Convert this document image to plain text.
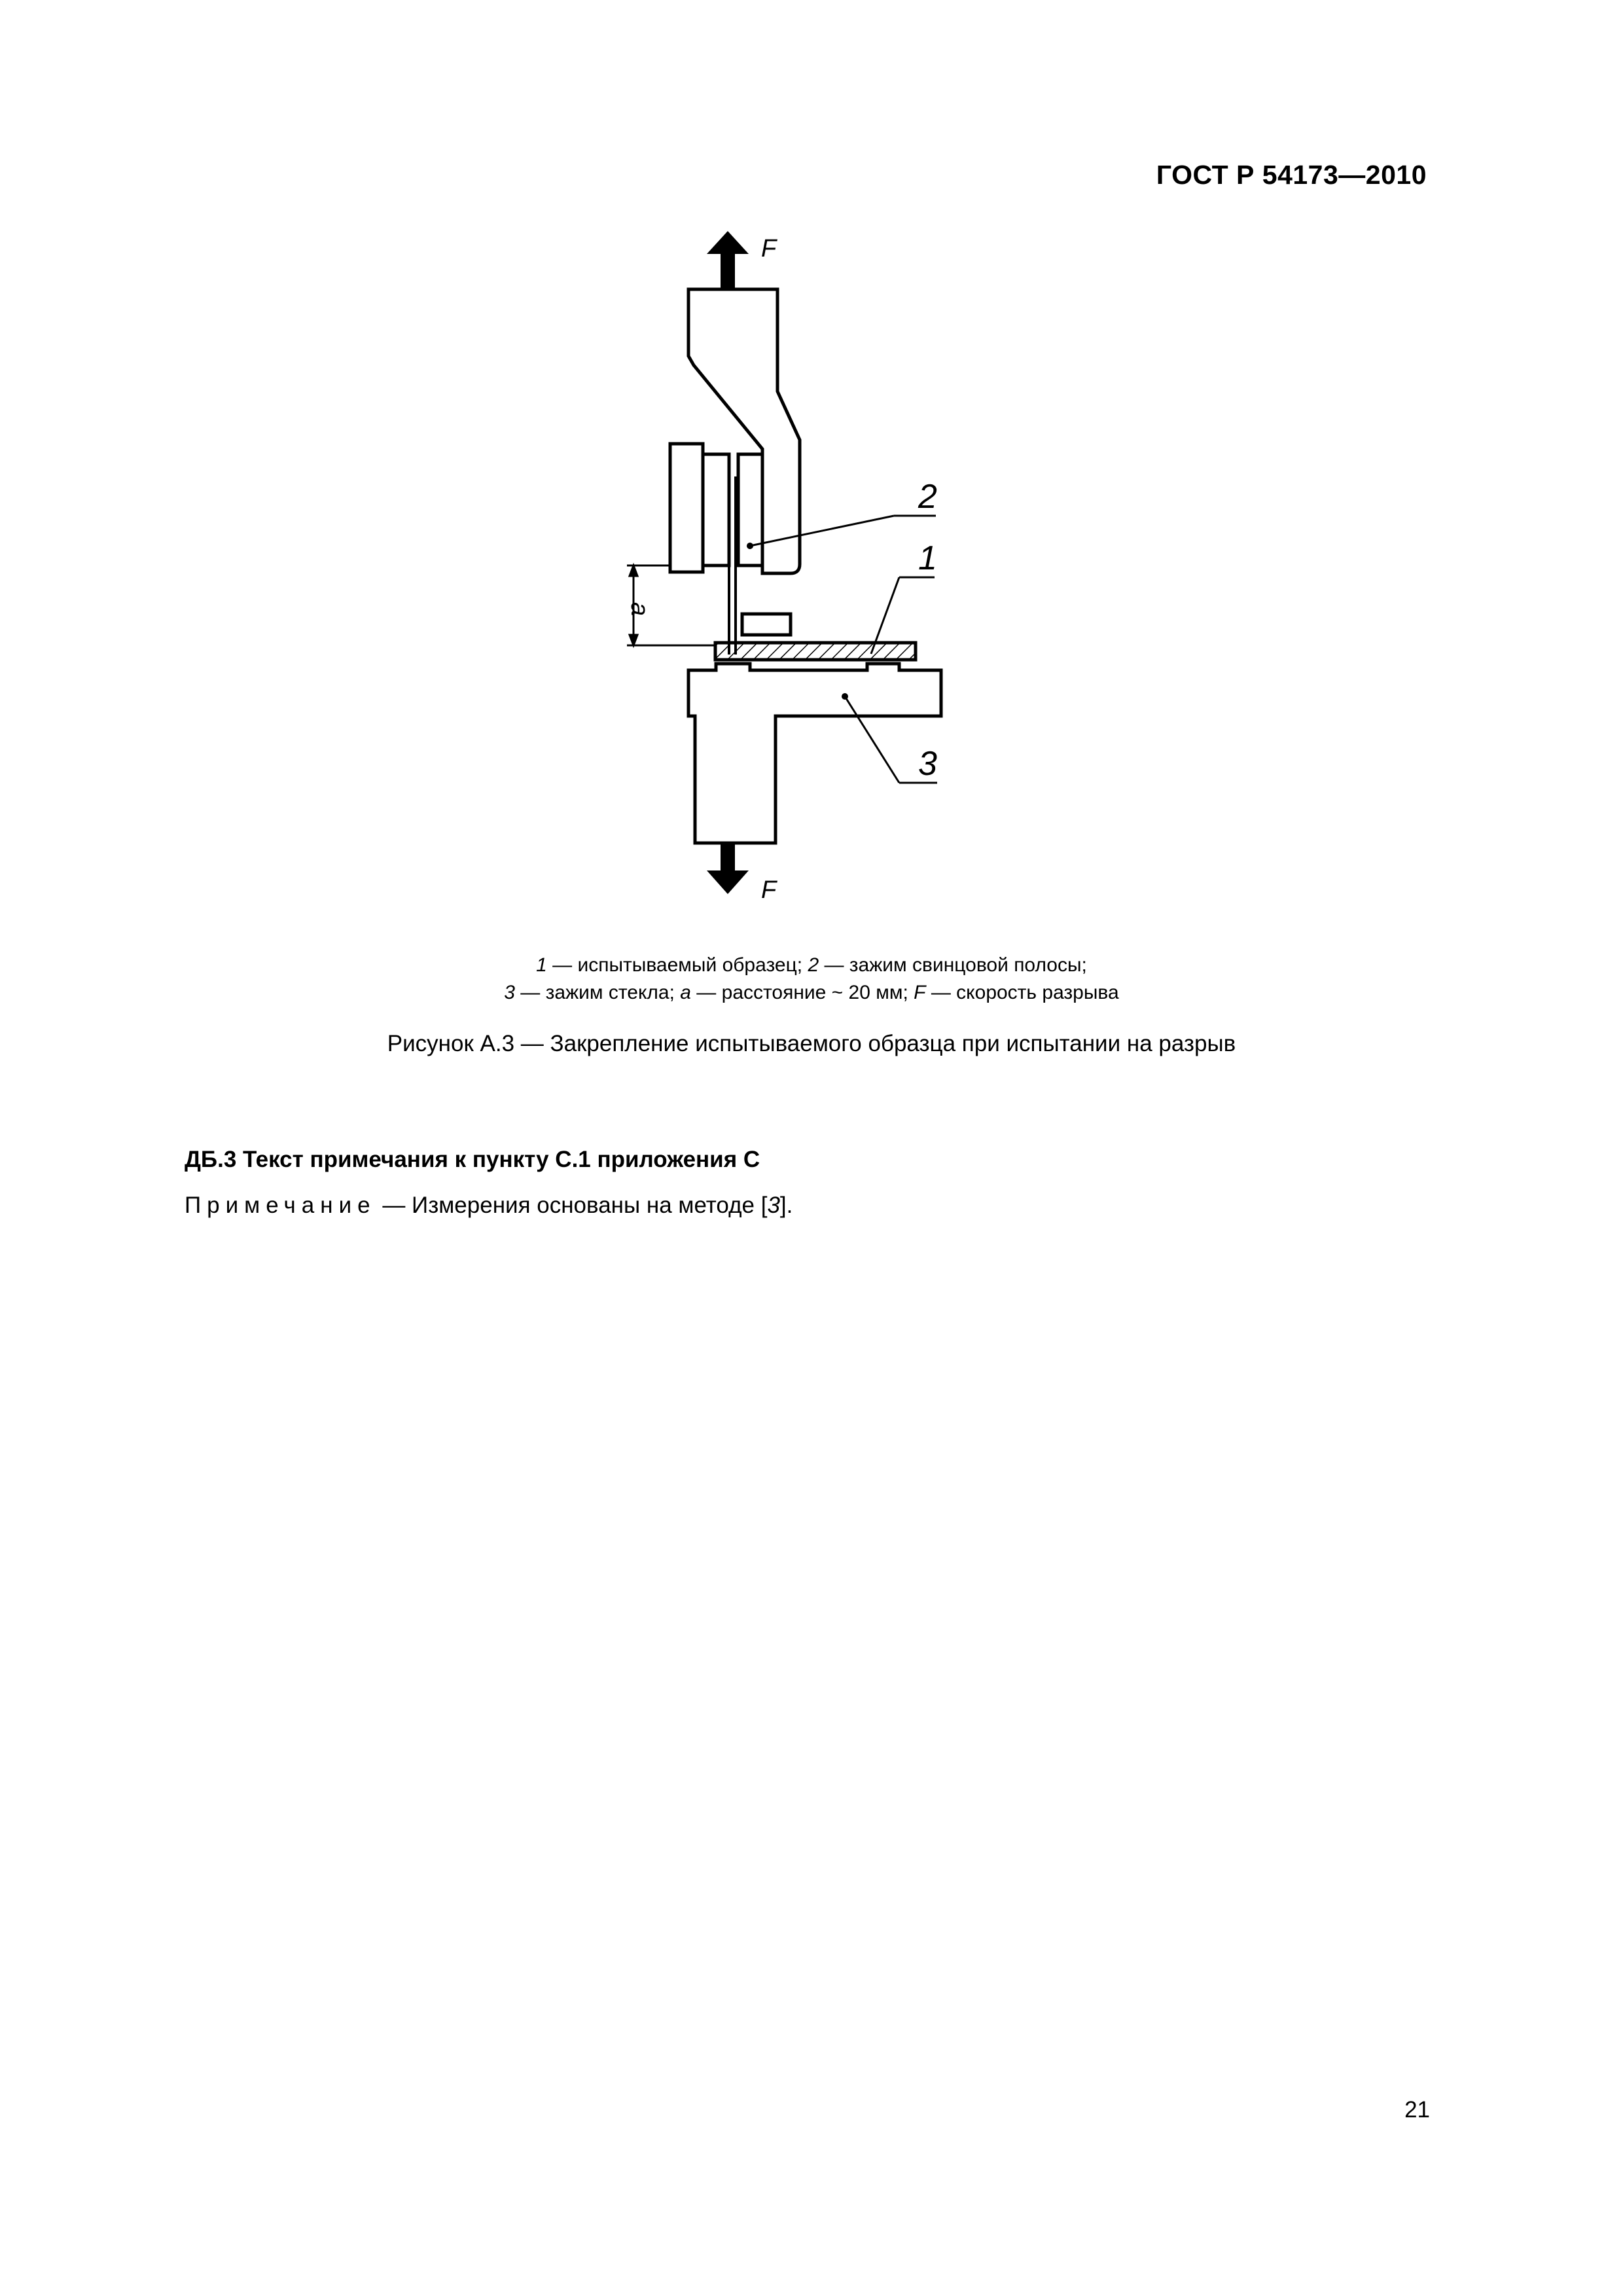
ГОСТ Р 54173—2010
F
F
a
2
1
3
1 — испытываемый образец; 2 — зажим свинцовой полосы;
3 — зажим стекла; a — расстояние ~ 20 мм; F — скорость разрыва
Рисунок А.3 — Закрепление испытываемого образца при испытании на разрыв
ДБ.3 Текст примечания к пункту С.1 приложения С
Примечание — Измерения основаны на методе [3].
21
